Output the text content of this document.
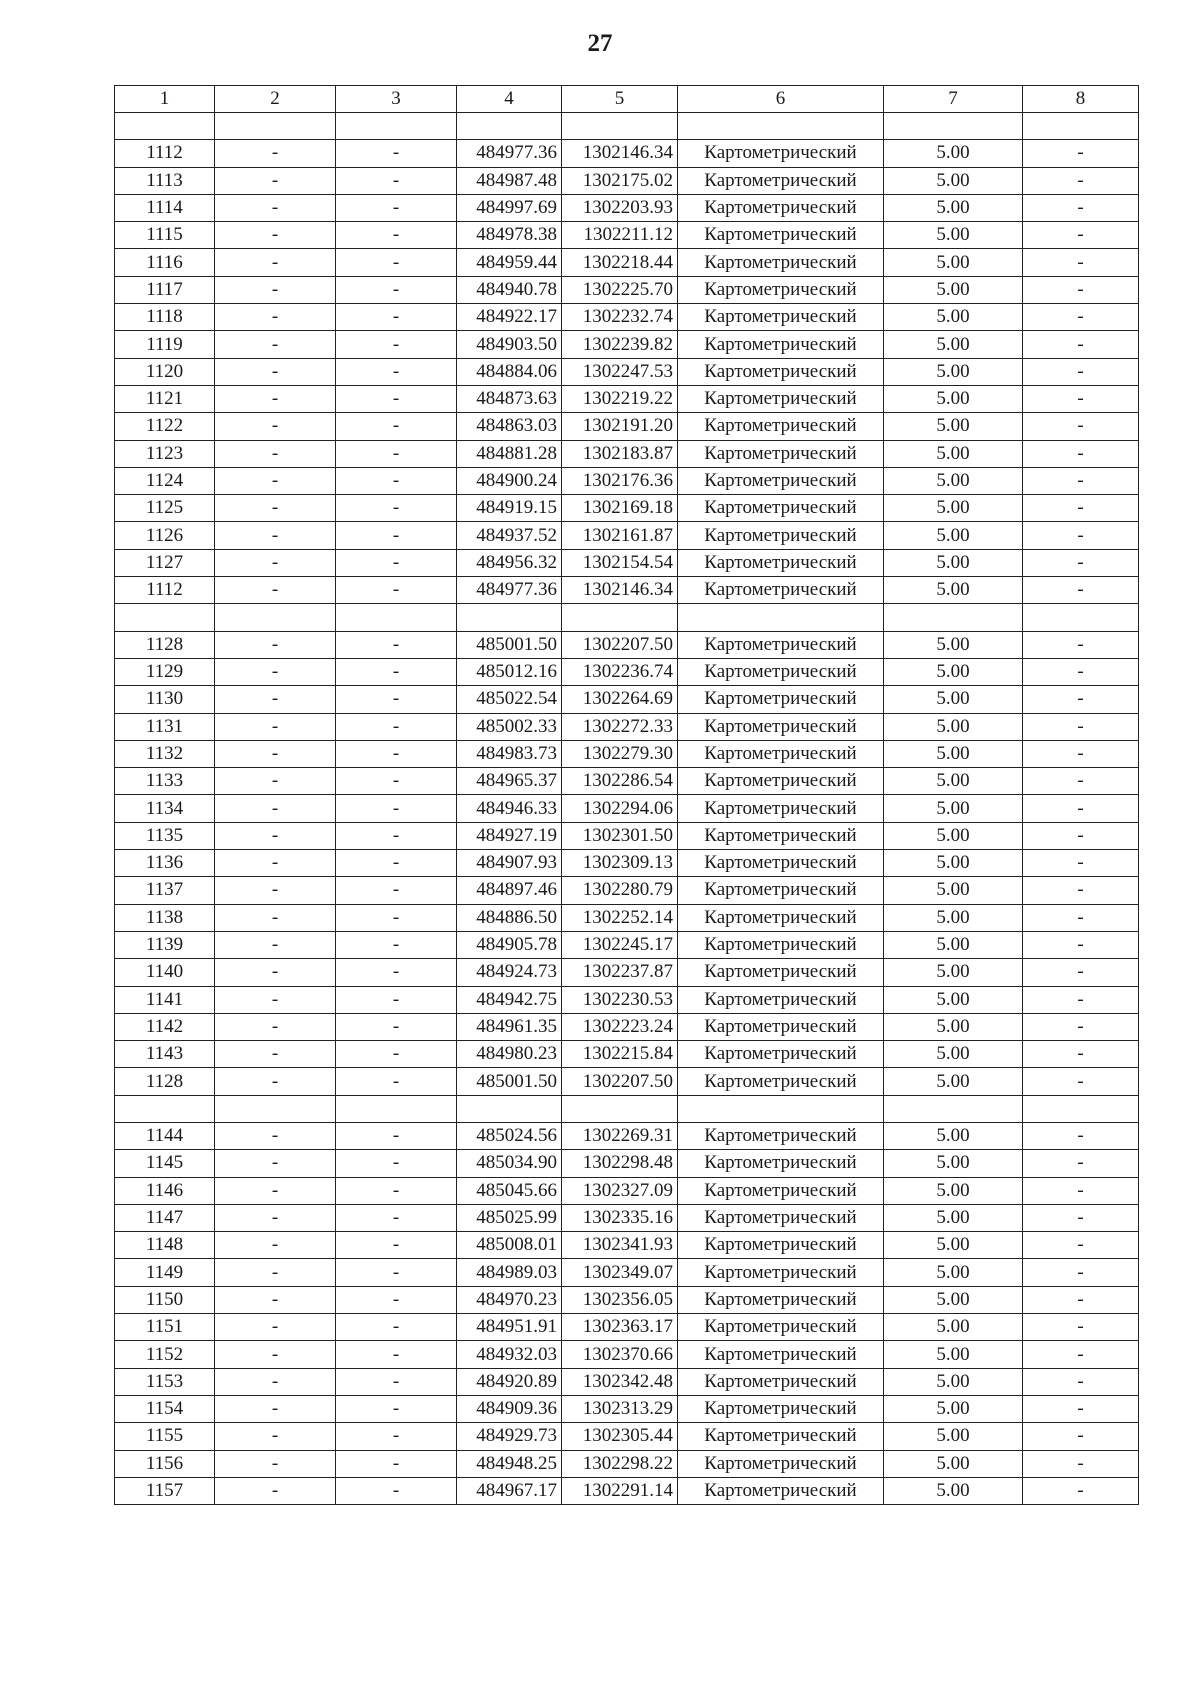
27
1	2	3	4	5	6	7	8

1112	-	-	484977.36	1302146.34	Картометрический	5.00	-
1113	-	-	484987.48	1302175.02	Картометрический	5.00	-
1114	-	-	484997.69	1302203.93	Картометрический	5.00	-
1115	-	-	484978.38	1302211.12	Картометрический	5.00	-
1116	-	-	484959.44	1302218.44	Картометрический	5.00	-
1117	-	-	484940.78	1302225.70	Картометрический	5.00	-
1118	-	-	484922.17	1302232.74	Картометрический	5.00	-
1119	-	-	484903.50	1302239.82	Картометрический	5.00	-
1120	-	-	484884.06	1302247.53	Картометрический	5.00	-
1121	-	-	484873.63	1302219.22	Картометрический	5.00	-
1122	-	-	484863.03	1302191.20	Картометрический	5.00	-
1123	-	-	484881.28	1302183.87	Картометрический	5.00	-
1124	-	-	484900.24	1302176.36	Картометрический	5.00	-
1125	-	-	484919.15	1302169.18	Картометрический	5.00	-
1126	-	-	484937.52	1302161.87	Картометрический	5.00	-
1127	-	-	484956.32	1302154.54	Картометрический	5.00	-
1112	-	-	484977.36	1302146.34	Картометрический	5.00	-

1128	-	-	485001.50	1302207.50	Картометрический	5.00	-
1129	-	-	485012.16	1302236.74	Картометрический	5.00	-
1130	-	-	485022.54	1302264.69	Картометрический	5.00	-
1131	-	-	485002.33	1302272.33	Картометрический	5.00	-
1132	-	-	484983.73	1302279.30	Картометрический	5.00	-
1133	-	-	484965.37	1302286.54	Картометрический	5.00	-
1134	-	-	484946.33	1302294.06	Картометрический	5.00	-
1135	-	-	484927.19	1302301.50	Картометрический	5.00	-
1136	-	-	484907.93	1302309.13	Картометрический	5.00	-
1137	-	-	484897.46	1302280.79	Картометрический	5.00	-
1138	-	-	484886.50	1302252.14	Картометрический	5.00	-
1139	-	-	484905.78	1302245.17	Картометрический	5.00	-
1140	-	-	484924.73	1302237.87	Картометрический	5.00	-
1141	-	-	484942.75	1302230.53	Картометрический	5.00	-
1142	-	-	484961.35	1302223.24	Картометрический	5.00	-
1143	-	-	484980.23	1302215.84	Картометрический	5.00	-
1128	-	-	485001.50	1302207.50	Картометрический	5.00	-

1144	-	-	485024.56	1302269.31	Картометрический	5.00	-
1145	-	-	485034.90	1302298.48	Картометрический	5.00	-
1146	-	-	485045.66	1302327.09	Картометрический	5.00	-
1147	-	-	485025.99	1302335.16	Картометрический	5.00	-
1148	-	-	485008.01	1302341.93	Картометрический	5.00	-
1149	-	-	484989.03	1302349.07	Картометрический	5.00	-
1150	-	-	484970.23	1302356.05	Картометрический	5.00	-
1151	-	-	484951.91	1302363.17	Картометрический	5.00	-
1152	-	-	484932.03	1302370.66	Картометрический	5.00	-
1153	-	-	484920.89	1302342.48	Картометрический	5.00	-
1154	-	-	484909.36	1302313.29	Картометрический	5.00	-
1155	-	-	484929.73	1302305.44	Картометрический	5.00	-
1156	-	-	484948.25	1302298.22	Картометрический	5.00	-
1157	-	-	484967.17	1302291.14	Картометрический	5.00	-
